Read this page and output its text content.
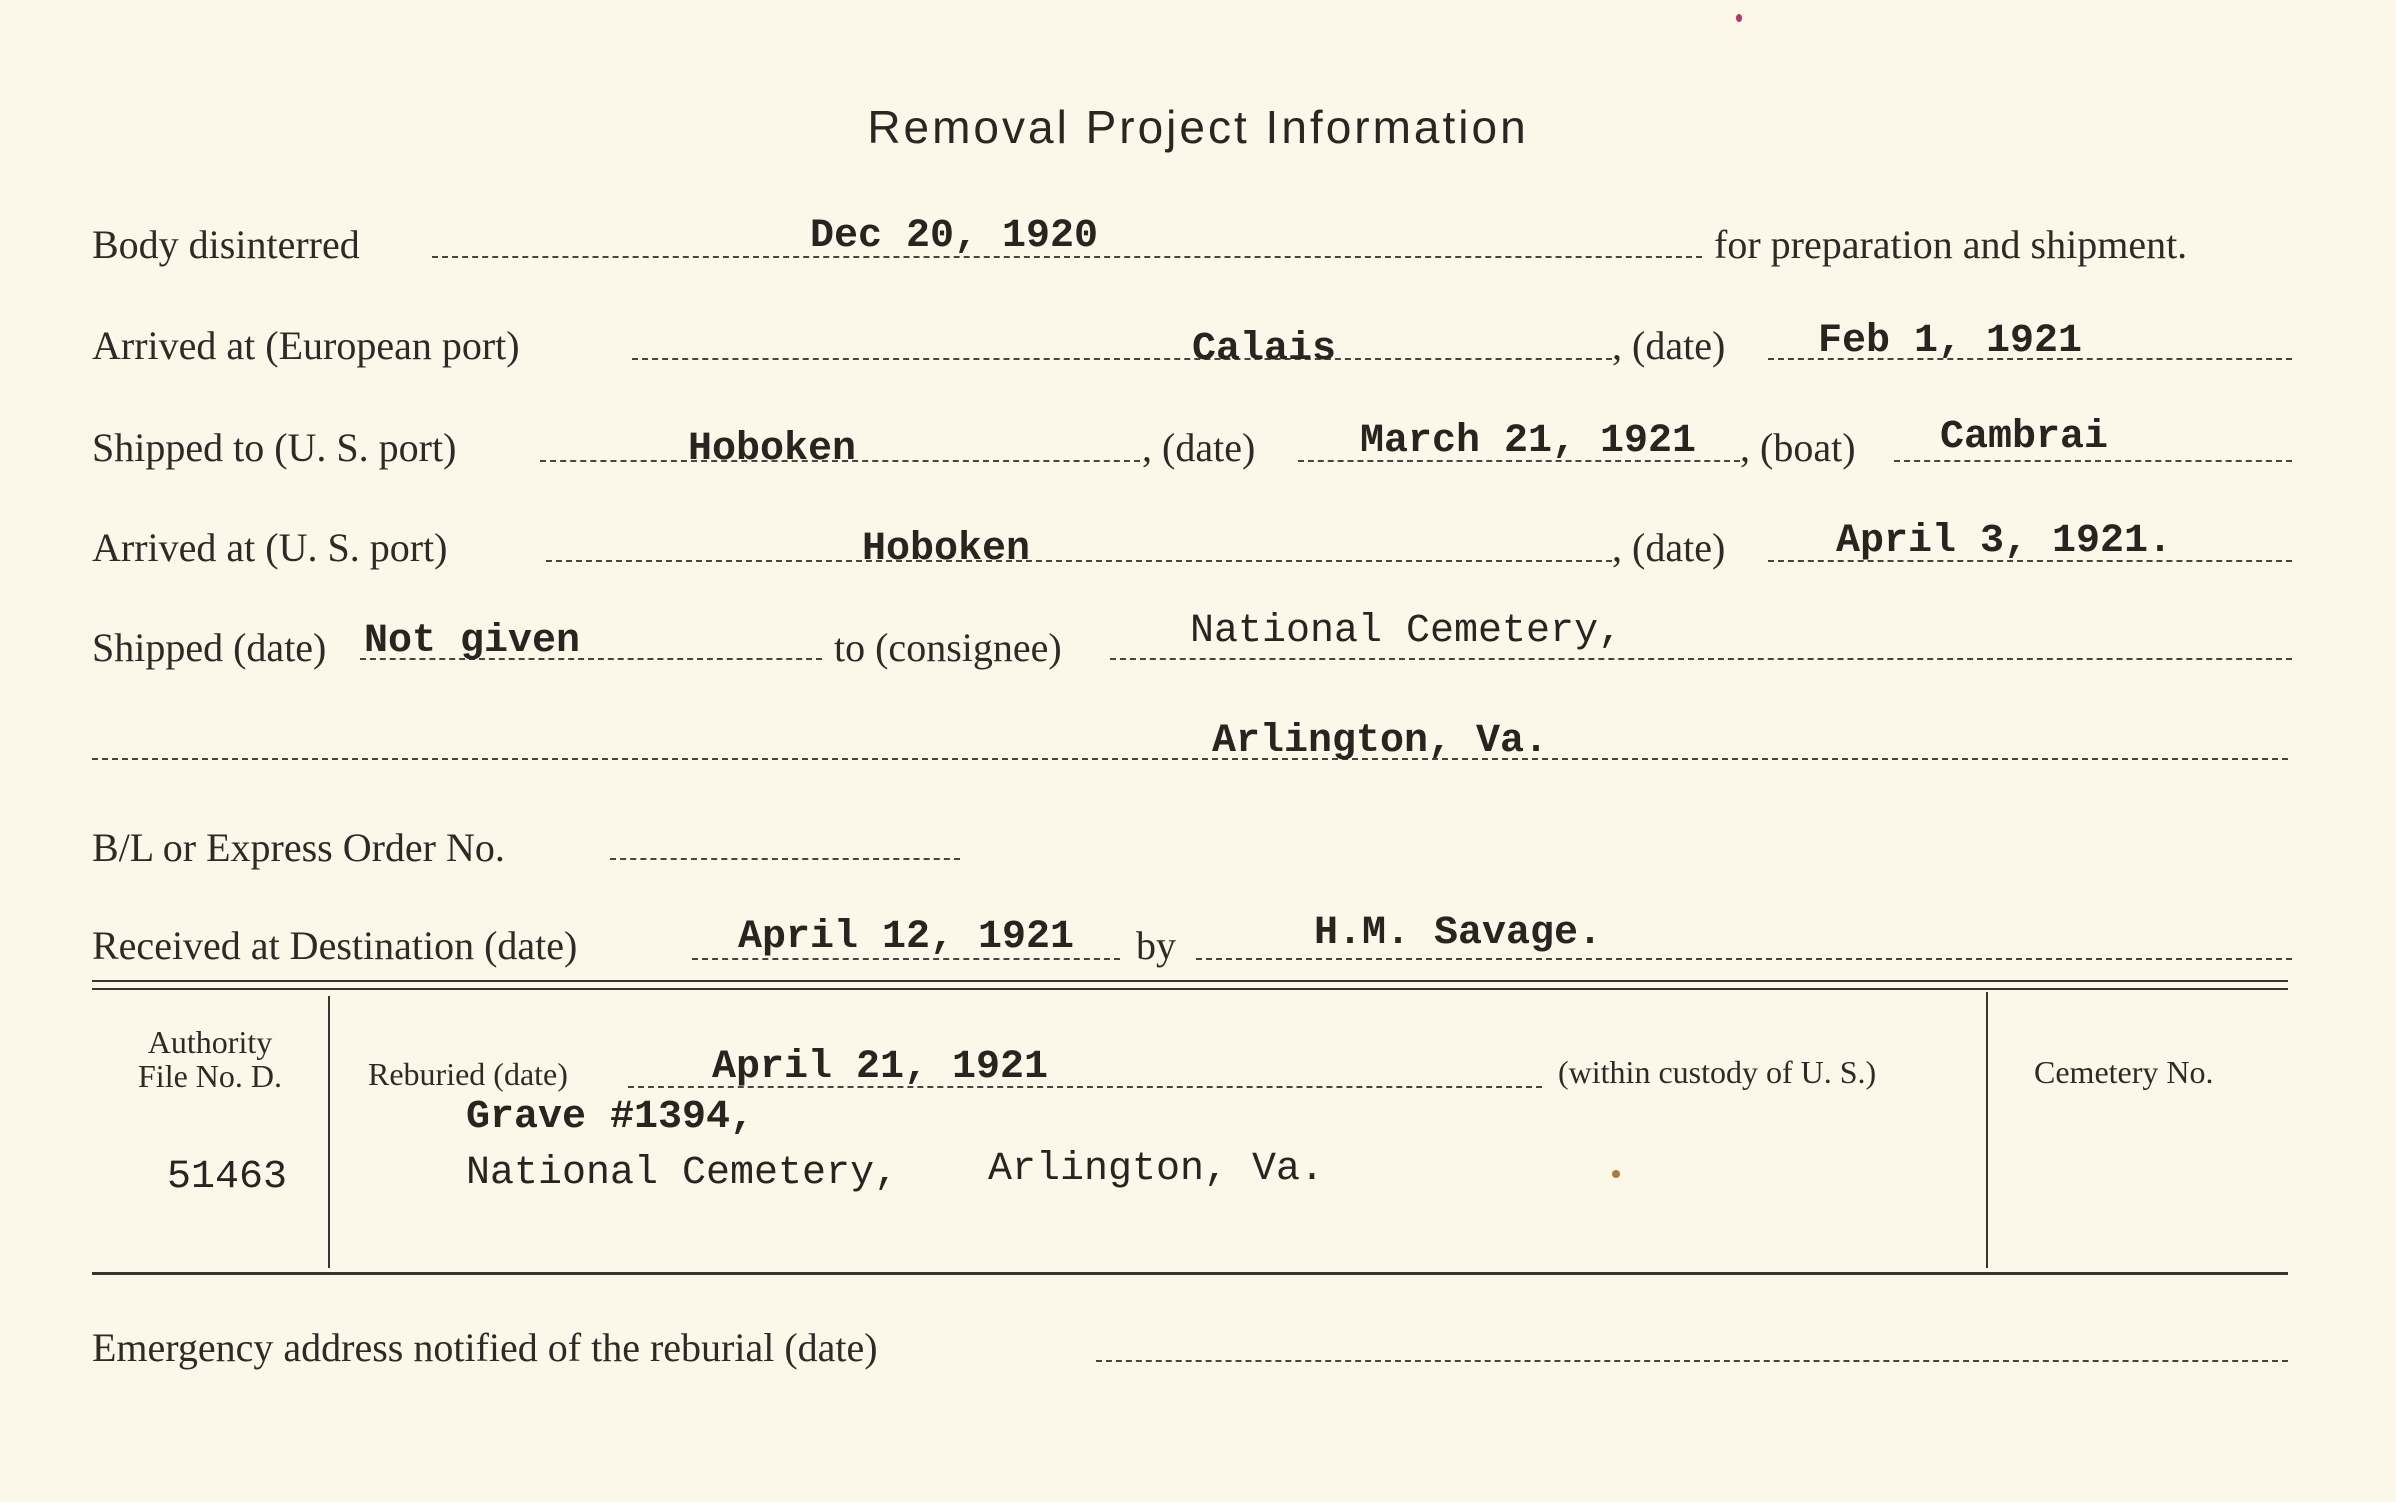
Removal Project Information
Body disinterred	Dec 20, 1920	for preparation and shipment.
Arrived at (European port)	Calais	, (date) Feb 1, 1921
Shipped to (U. S. port)	Hoboken	, (date)	March 21, 1921 , (boat) Cambrai
Arrived at (U. S. port)	Hoboken	, (date)	April 3, 1921.
Shipped (date) Not given	to (consignee)	National Cemetery,
Arlington, Va.
B/L or Express Order No.
Received at Destination (date)	April 12, 1921 by	H.M. Savage.
Authority
File No. D.
51463
Reburied (date)	April 21, 1921	(within custody of U. S.)
Grave #1394,
National Cemetery, Arlington, Va.
Cemetery No.
Emergency address notified of the reburial (date)
